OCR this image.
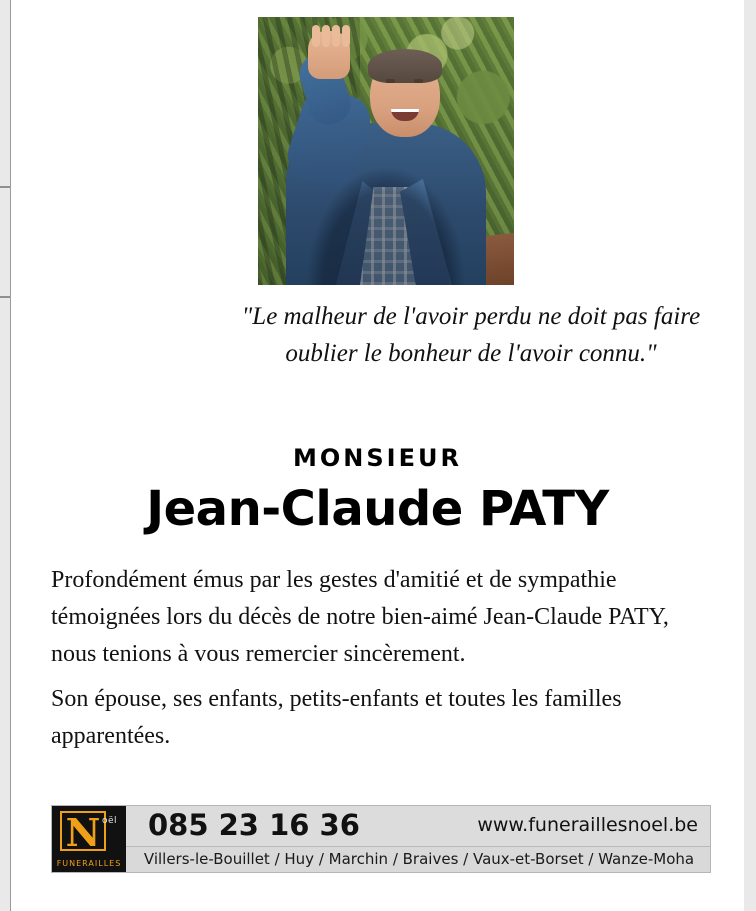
"Le malheur de l'avoir perdu ne doit pas faire oublier le bonheur de l'avoir connu."
MONSIEUR
Jean-Claude PATY

Profondément émus par les gestes d'amitié et de sympathie témoignées lors du décès de notre bien-aimé Jean-Claude PATY, nous tenions à vous remercier sincèrement.

Son épouse, ses enfants, petits-enfants et toutes les familles apparentées.

N oël
FUNERAILLES
085 23 16 36	www.funeraillesnoel.be
Villers-le-Bouillet / Huy / Marchin / Braives / Vaux-et-Borset / Wanze-Moha
